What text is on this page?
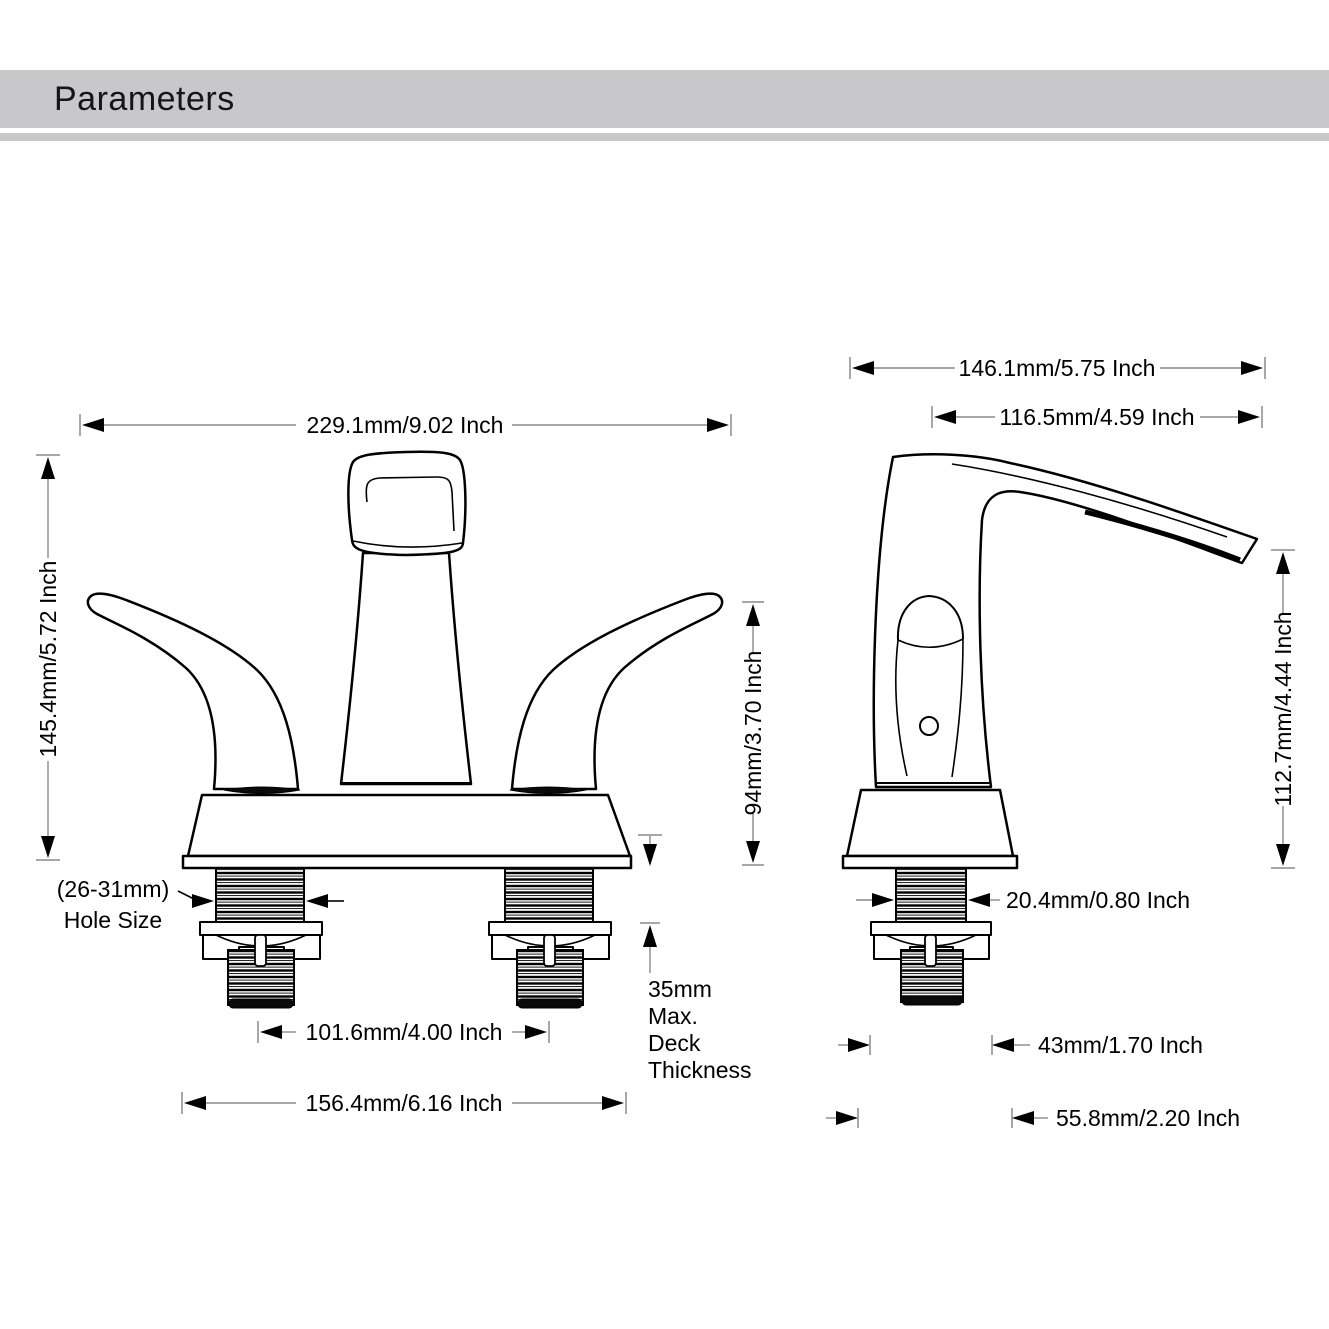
Parameters
229.1mm/9.02 Inch
145.4mm/5.72 Inch	94mm/3.70 Inch
(26-31mm)
Hole Size
101.6mm/4.00 Inch
156.4mm/6.16 Inch
35mm
Max.
Deck
Thickness
146.1mm/5.75 Inch
116.5mm/4.59 Inch
112.7mm/4.44 Inch
20.4mm/0.80 Inch
43mm/1.70 Inch
55.8mm/2.20 Inch
